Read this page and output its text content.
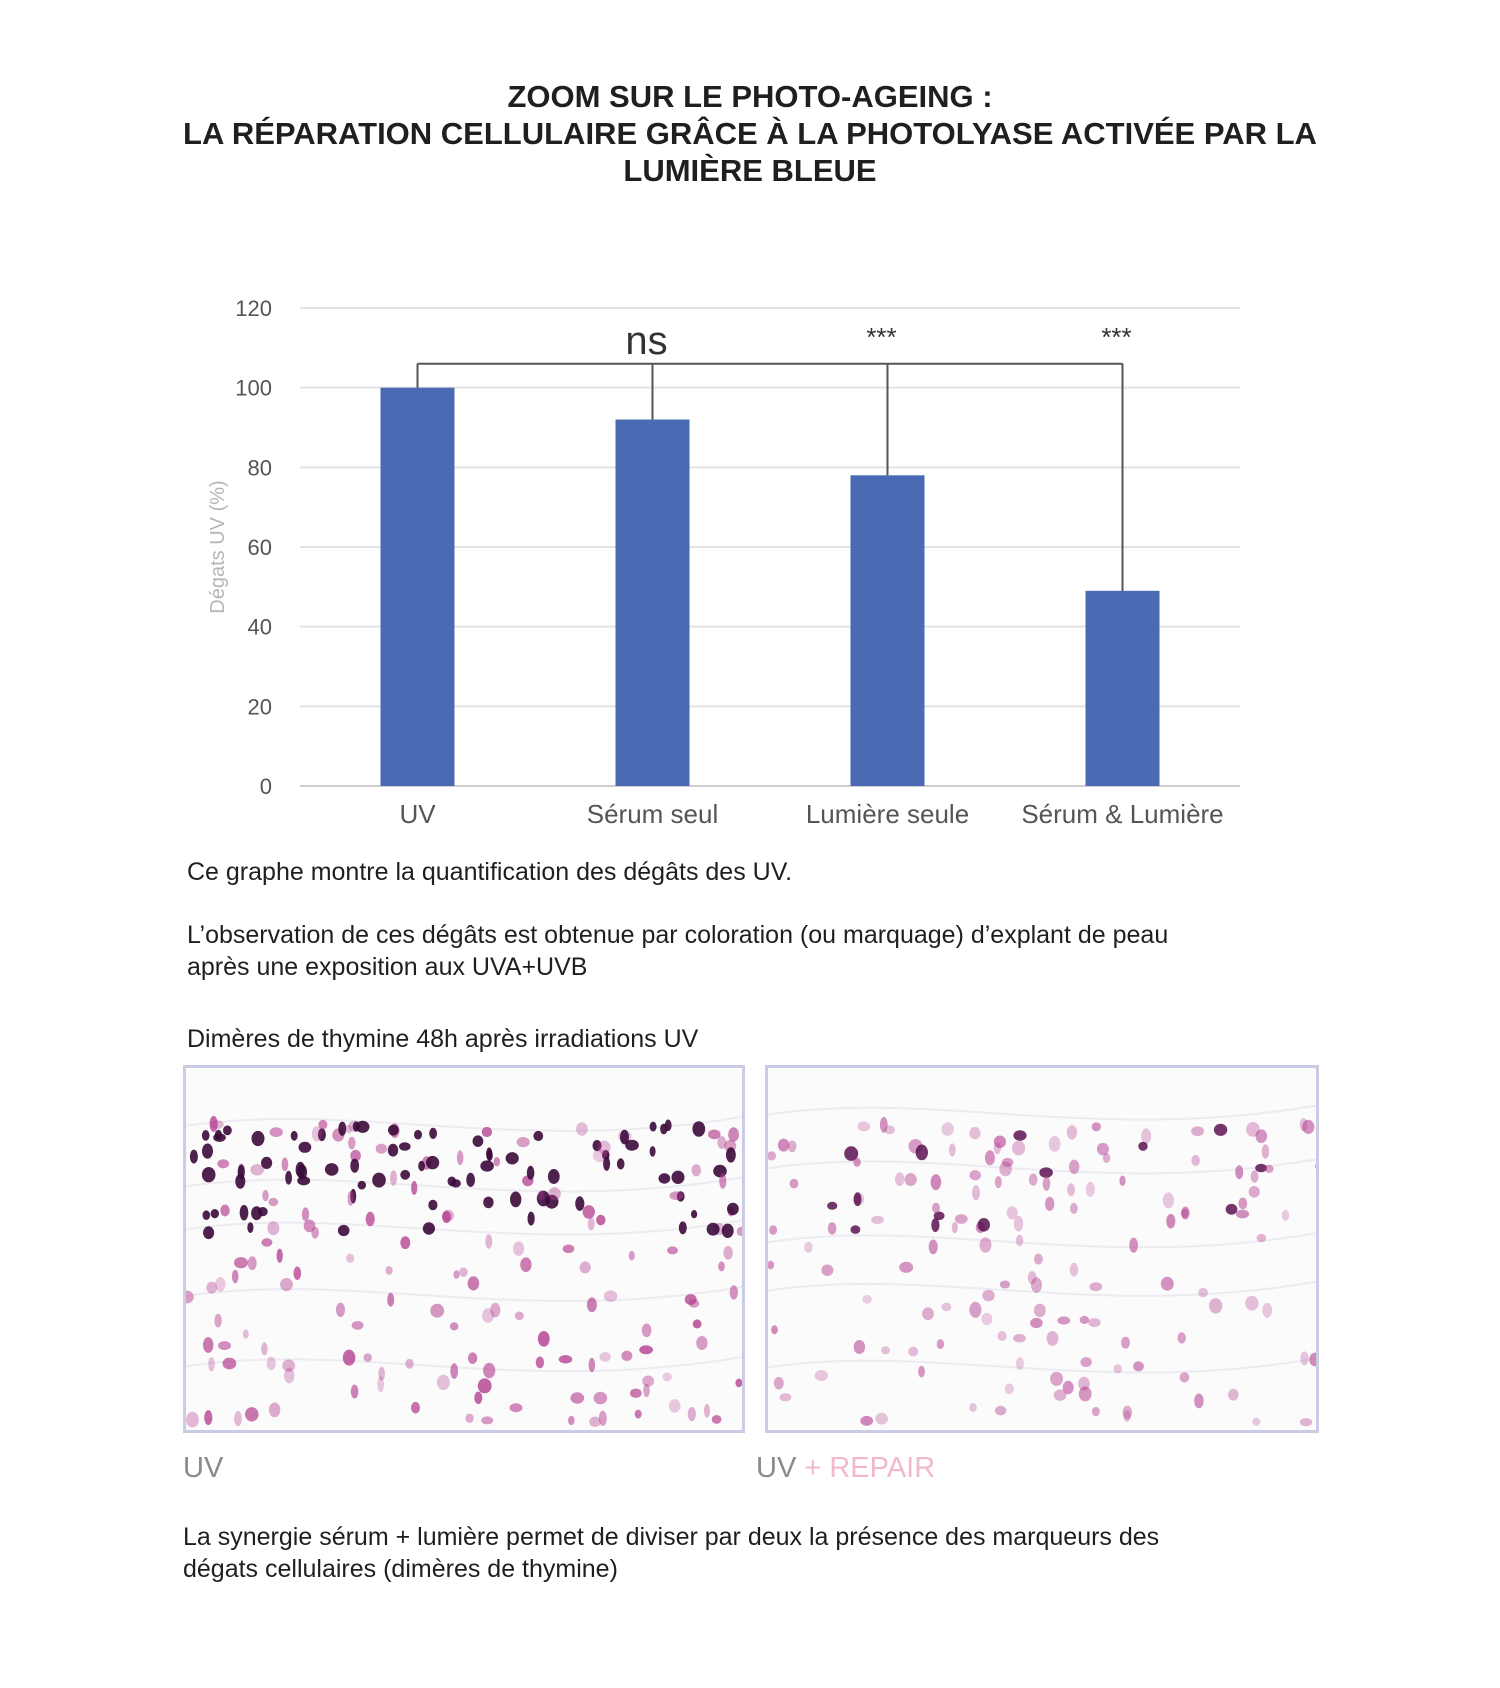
ZOOM SUR LE PHOTO-AGEING :
LA RÉPARATION CELLULAIRE GRÂCE À LA PHOTOLYASE ACTIVÉE PAR LA
LUMIÈRE BLEUE
0
20
40
60
80
100
120
Dégats UV (%)
UV	Sérum seul	Lumière seule Sérum & Lumière
ns	***	***
Ce graphe montre la quantification des dégâts des UV.
L’observation de ces dégâts est obtenue par coloration (ou marquage) d’explant de peau
après une exposition aux UVA+UVB
Dimères de thymine 48h après irradiations UV
UV	UV + REPAIR
La synergie sérum + lumière permet de diviser par deux la présence des marqueurs des
dégats cellulaires (dimères de thymine)
